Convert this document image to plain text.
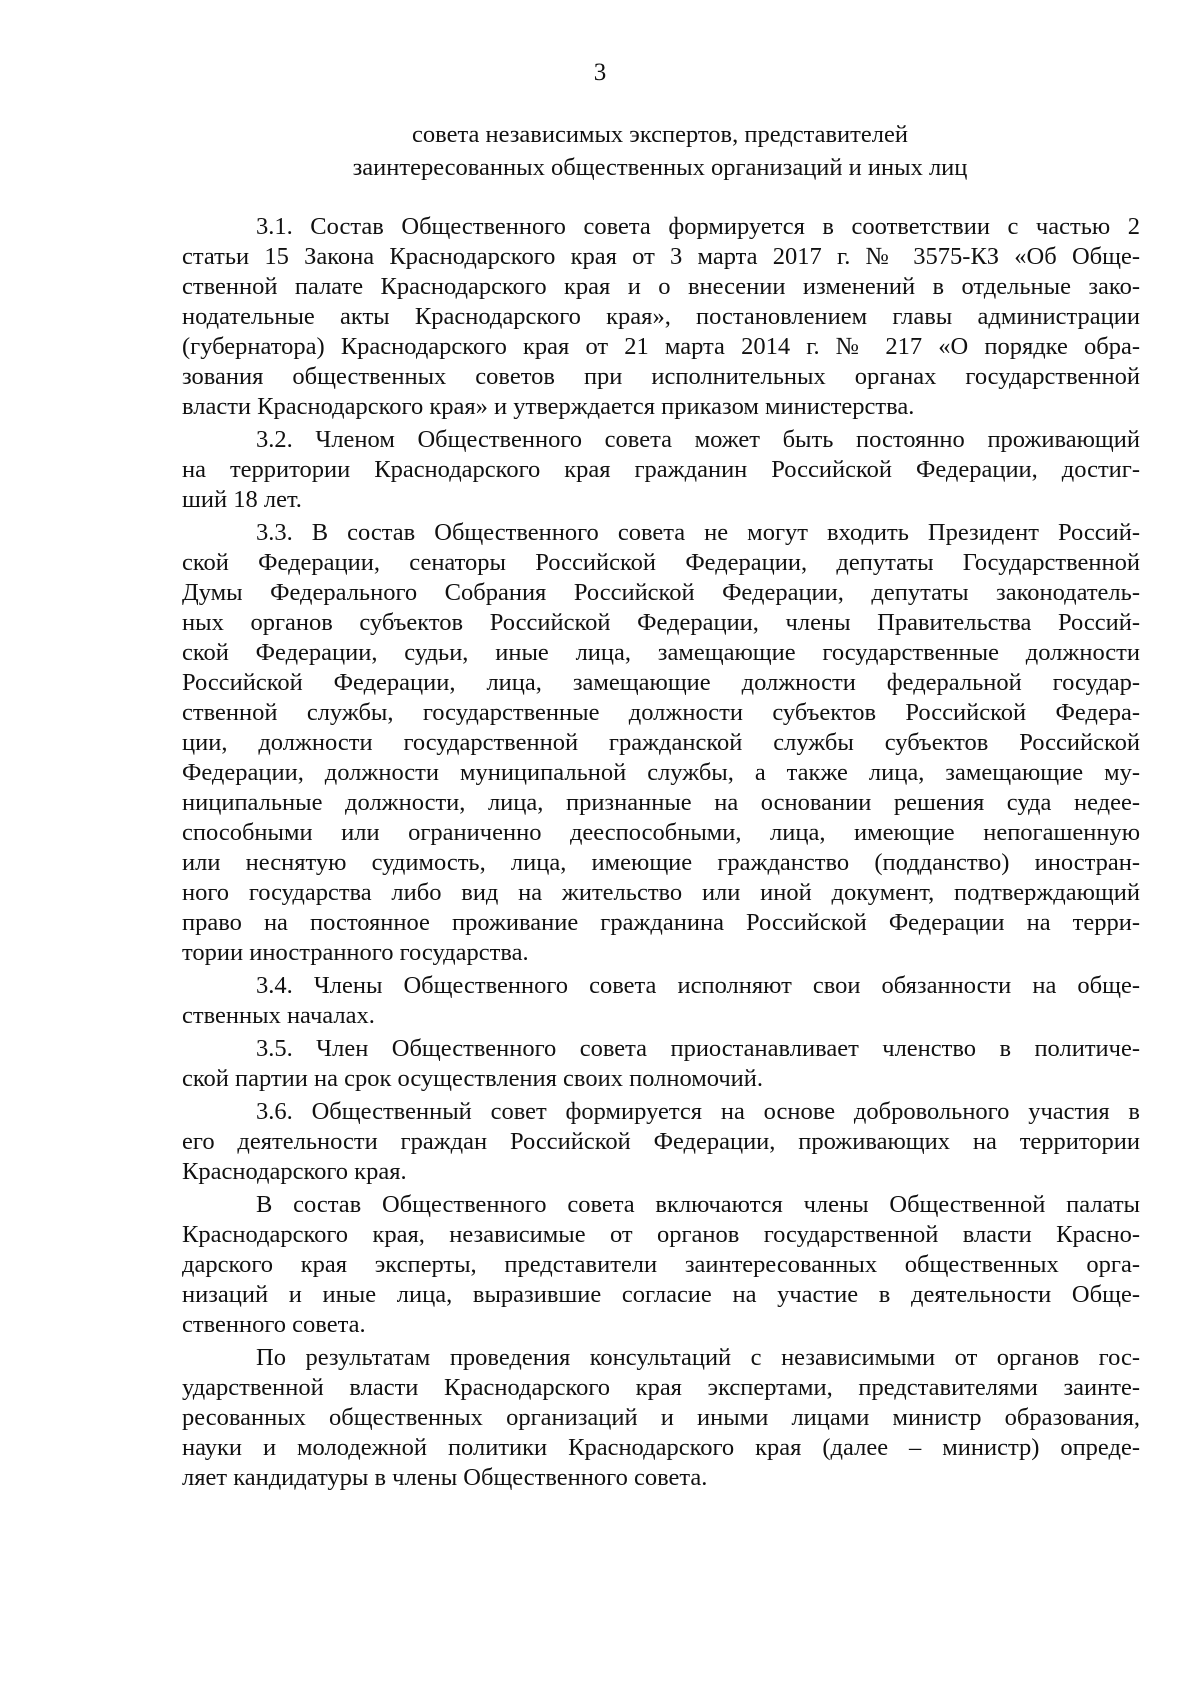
3
совета независимых экспертов, представителей
заинтересованных общественных организаций и иных лиц
3.1. Состав Общественного совета формируется в соответствии с частью 2
статьи 15 Закона Краснодарского края от 3 марта 2017 г. № 3575-КЗ «Об Обще-
ственной палате Краснодарского края и о внесении изменений в отдельные зако-
нодательные акты Краснодарского края», постановлением главы администрации
(губернатора) Краснодарского края от 21 марта 2014 г. № 217 «О порядке обра-
зования общественных советов при исполнительных органах государственной
власти Краснодарского края» и утверждается приказом министерства.
3.2. Членом Общественного совета может быть постоянно проживающий
на территории Краснодарского края гражданин Российской Федерации, достиг-
ший 18 лет.
3.3. В состав Общественного совета не могут входить Президент Россий-
ской Федерации, сенаторы Российской Федерации, депутаты Государственной
Думы Федерального Собрания Российской Федерации, депутаты законодатель-
ных органов субъектов Российской Федерации, члены Правительства Россий-
ской Федерации, судьи, иные лица, замещающие государственные должности
Российской Федерации, лица, замещающие должности федеральной государ-
ственной службы, государственные должности субъектов Российской Федера-
ции, должности государственной гражданской службы субъектов Российской
Федерации, должности муниципальной службы, а также лица, замещающие му-
ниципальные должности, лица, признанные на основании решения суда недее-
способными или ограниченно дееспособными, лица, имеющие непогашенную
или неснятую судимость, лица, имеющие гражданство (подданство) иностран-
ного государства либо вид на жительство или иной документ, подтверждающий
право на постоянное проживание гражданина Российской Федерации на терри-
тории иностранного государства.
3.4. Члены Общественного совета исполняют свои обязанности на обще-
ственных началах.
3.5. Член Общественного совета приостанавливает членство в политиче-
ской партии на срок осуществления своих полномочий.
3.6. Общественный совет формируется на основе добровольного участия в
его деятельности граждан Российской Федерации, проживающих на территории
Краснодарского края.
В состав Общественного совета включаются члены Общественной палаты
Краснодарского края, независимые от органов государственной власти Красно-
дарского края эксперты, представители заинтересованных общественных орга-
низаций и иные лица, выразившие согласие на участие в деятельности Обще-
ственного совета.
По результатам проведения консультаций с независимыми от органов гос-
ударственной власти Краснодарского края экспертами, представителями заинте-
ресованных общественных организаций и иными лицами министр образования,
науки и молодежной политики Краснодарского края (далее – министр) опреде-
ляет кандидатуры в члены Общественного совета.
